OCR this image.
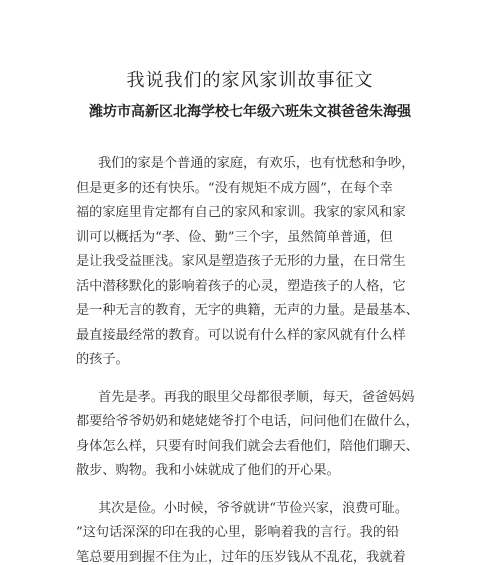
我说我们的家风家训故事征文
潍坊市高新区北海学校七年级六班朱文祺爸爸朱海强
我们的家是个普通的家庭，有欢乐，也有忧愁和争吵，
但是更多的还有快乐。“没有规矩不成方圆”，在每个幸
福的家庭里肯定都有自己的家风和家训。我家的家风和家
训可以概括为“孝、俭、勤”三个字，虽然简单普通，但
是让我受益匪浅。家风是塑造孩子无形的力量，在日常生
活中潜移默化的影响着孩子的心灵，塑造孩子的人格，它
是一种无言的教育，无字的典籍，无声的力量。是最基本、
最直接最经常的教育。可以说有什么样的家风就有什么样
的孩子。
首先是孝。再我的眼里父母都很孝顺，每天，爸爸妈妈
都要给爷爷奶奶和姥姥姥爷打个电话，问问他们在做什么，
身体怎么样，只要有时间我们就会去看他们，陪他们聊天、
散步、购物。我和小妹就成了他们的开心果。
其次是俭。小时候，爷爷就讲“节俭兴家，浪费可耻。
”这句话深深的印在我的心里，影响着我的言行。我的铅
笔总要用到握不住为止，过年的压岁钱从不乱花，我就着
